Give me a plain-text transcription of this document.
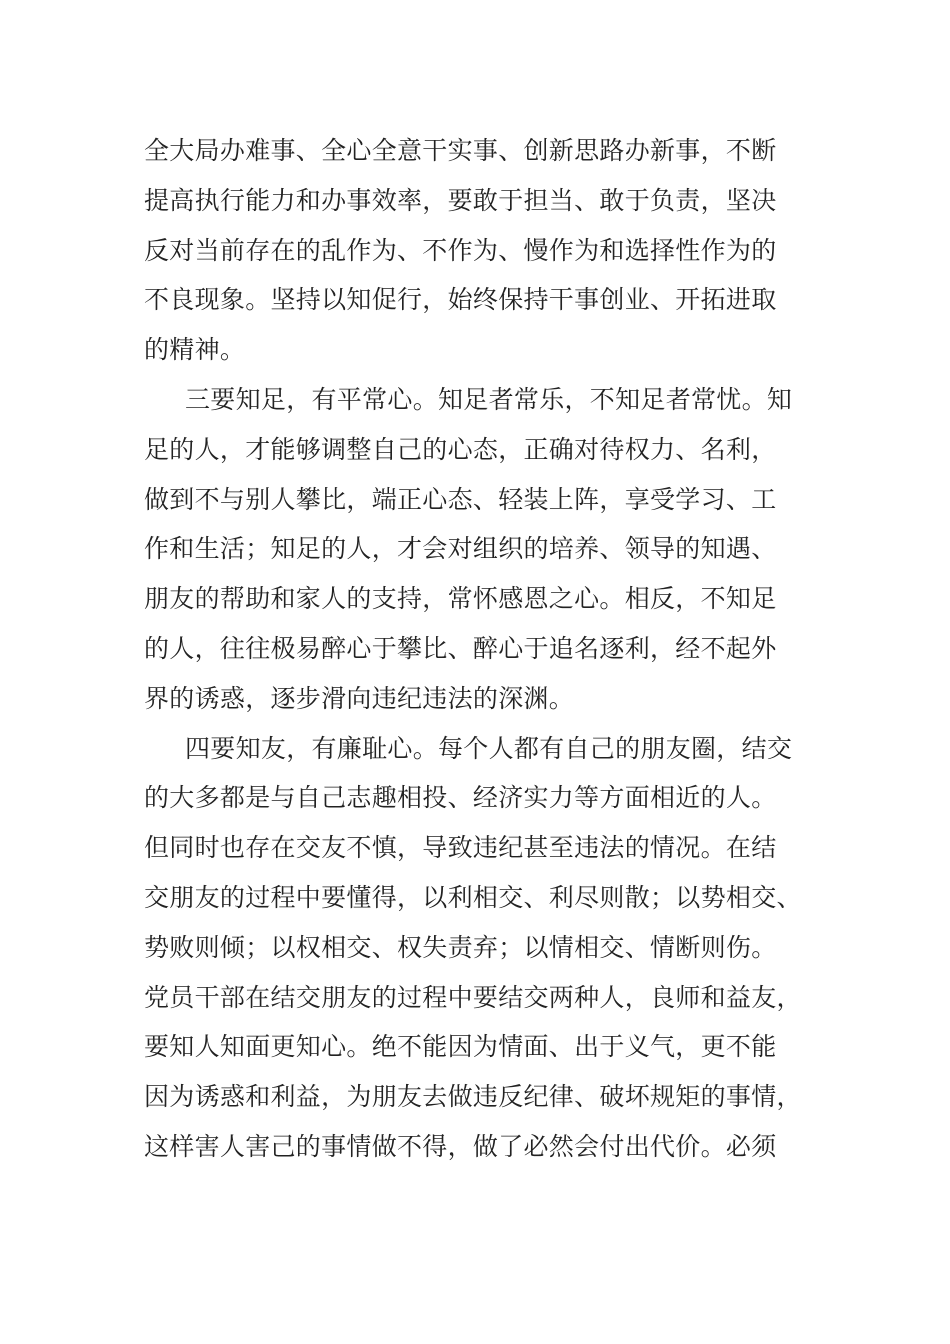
全大局办难事、全心全意干实事、创新思路办新事，不断
提高执行能力和办事效率，要敢于担当、敢于负责，坚决
反对当前存在的乱作为、不作为、慢作为和选择性作为的
不良现象。坚持以知促行，始终保持干事创业、开拓进取
的精神。
三要知足，有平常心。知足者常乐，不知足者常忧。知
足的人，才能够调整自己的心态，正确对待权力、名利，
做到不与别人攀比，端正心态、轻装上阵，享受学习、工
作和生活；知足的人，才会对组织的培养、领导的知遇、
朋友的帮助和家人的支持，常怀感恩之心。相反，不知足
的人，往往极易醉心于攀比、醉心于追名逐利，经不起外
界的诱惑，逐步滑向违纪违法的深渊。
四要知友，有廉耻心。每个人都有自己的朋友圈，结交
的大多都是与自己志趣相投、经济实力等方面相近的人。
但同时也存在交友不慎，导致违纪甚至违法的情况。在结
交朋友的过程中要懂得，以利相交、利尽则散；以势相交、
势败则倾；以权相交、权失责弃；以情相交、情断则伤。
党员干部在结交朋友的过程中要结交两种人，良师和益友，
要知人知面更知心。绝不能因为情面、出于义气，更不能
因为诱惑和利益，为朋友去做违反纪律、破坏规矩的事情，
这样害人害己的事情做不得，做了必然会付出代价。必须
